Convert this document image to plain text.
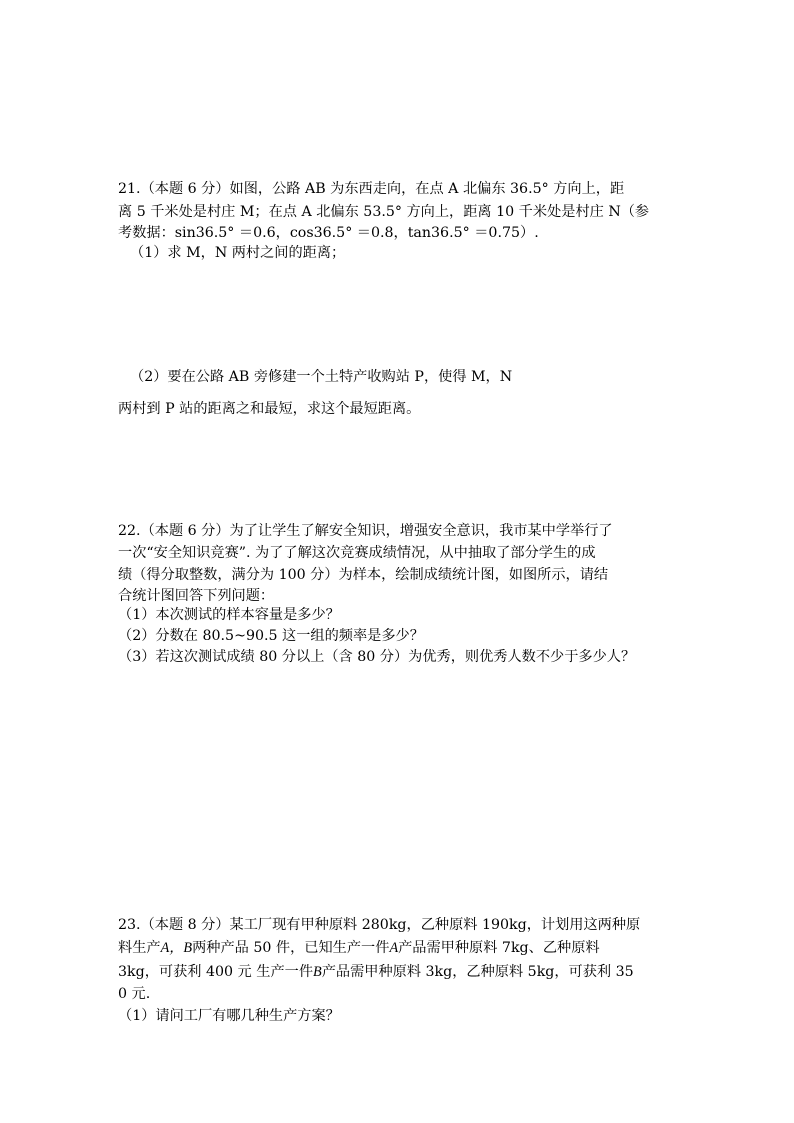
21.（本题 6 分）如图，公路 AB 为东西走向，在点 A 北偏东 36.5° 方向上，距
离 5 千米处是村庄 M；在点 A 北偏东 53.5° 方向上，距离 10 千米处是村庄 N（参
考数据：sin36.5° ＝0.6，cos36.5° ＝0.8，tan36.5° ＝0.75）.
（1）求 M，N 两村之间的距离；
（2）要在公路 AB 旁修建一个土特产收购站 P，使得 M，N
两村到 P 站的距离之和最短，求这个最短距离。
22.（本题 6 分）为了让学生了解安全知识，增强安全意识，我市某中学举行了
一次“安全知识竞赛”. 为了了解这次竞赛成绩情况，从中抽取了部分学生的成
绩（得分取整数，满分为 100 分）为样本，绘制成绩统计图，如图所示，请结
合统计图回答下列问题：
（1）本次测试的样本容量是多少？
（2）分数在 80.5~90.5 这一组的频率是多少？
（3）若这次测试成绩 80 分以上（含 80 分）为优秀，则优秀人数不少于多少人？
23.（本题 8 分）某工厂现有甲种原料 280kg，乙种原料 190kg，计划用这两种原
料生产A，B两种产品 50 件，已知生产一件A产品需甲种原料 7kg、乙种原料
3kg，可获利 400 元 生产一件B产品需甲种原料 3kg，乙种原料 5kg，可获利 35
0 元.
（1）请问工厂有哪几种生产方案？
